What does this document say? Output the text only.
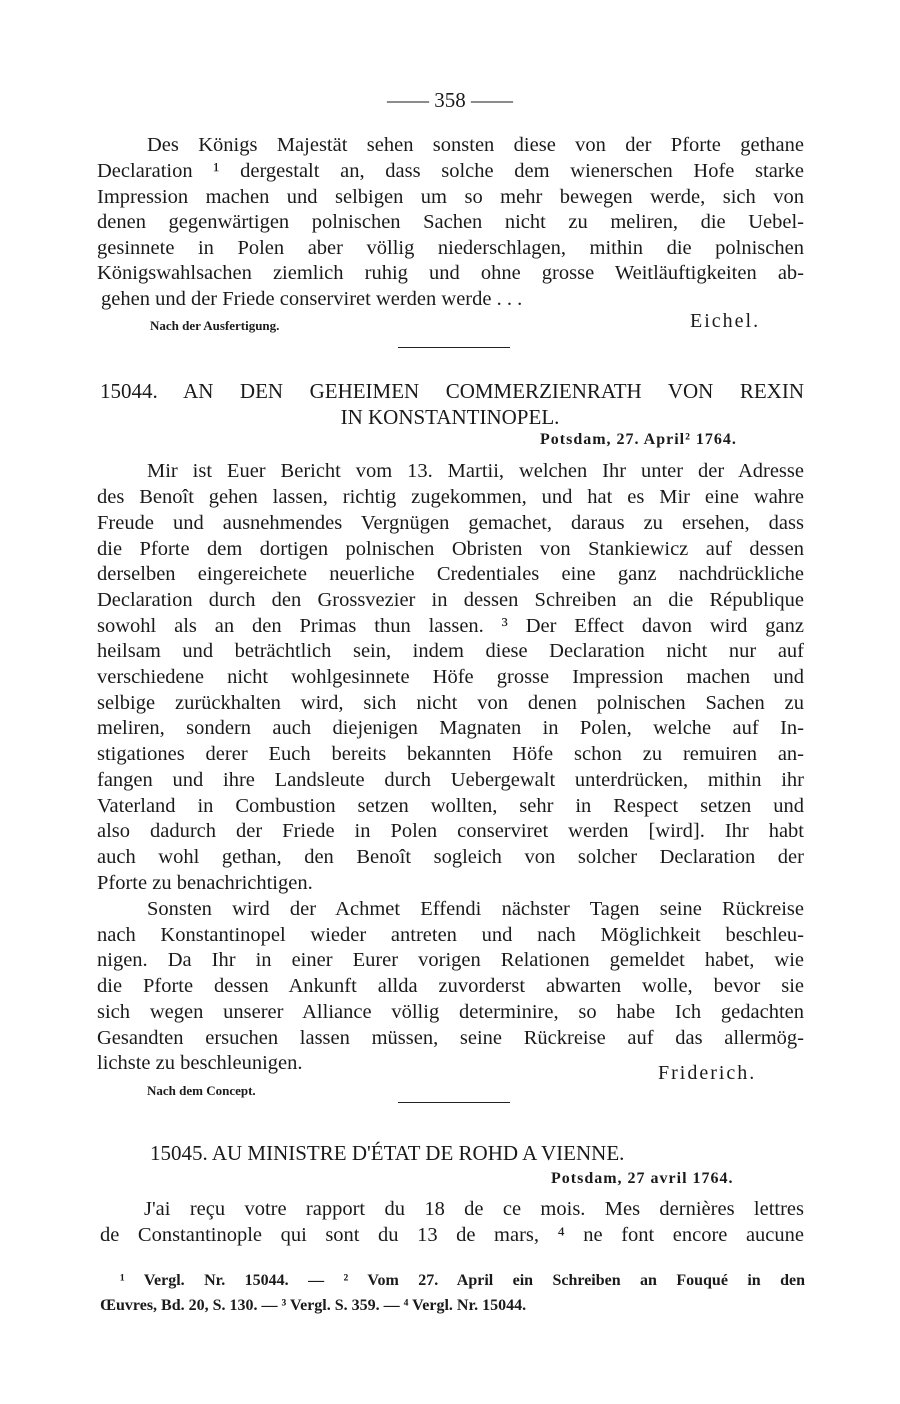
—— 358 ——
Des Königs Majestät sehen sonsten diese von der Pforte gethane
Declaration ¹ dergestalt an, dass solche dem wienerschen Hofe starke
Impression machen und selbigen um so mehr bewegen werde, sich von
denen gegenwärtigen polnischen Sachen nicht zu meliren, die Uebel-
gesinnete in Polen aber völlig niederschlagen, mithin die polnischen
Königswahlsachen ziemlich ruhig und ohne grosse Weitläuftigkeiten ab-
gehen und der Friede conserviret werden werde . . .
Nach der Ausfertigung.	Eichel.
15044. AN DEN GEHEIMEN COMMERZIENRATH VON REXIN
IN KONSTANTINOPEL.
Potsdam, 27. April² 1764.
Mir ist Euer Bericht vom 13. Martii, welchen Ihr unter der Adresse
des Benoît gehen lassen, richtig zugekommen, und hat es Mir eine wahre
Freude und ausnehmendes Vergnügen gemachet, daraus zu ersehen, dass
die Pforte dem dortigen polnischen Obristen von Stankiewicz auf dessen
derselben eingereichete neuerliche Credentiales eine ganz nachdrückliche
Declaration durch den Grossvezier in dessen Schreiben an die République
sowohl als an den Primas thun lassen. ³ Der Effect davon wird ganz
heilsam und beträchtlich sein, indem diese Declaration nicht nur auf
verschiedene nicht wohlgesinnete Höfe grosse Impression machen und
selbige zurückhalten wird, sich nicht von denen polnischen Sachen zu
meliren, sondern auch diejenigen Magnaten in Polen, welche auf In-
stigationes derer Euch bereits bekannten Höfe schon zu remuiren an-
fangen und ihre Landsleute durch Uebergewalt unterdrücken, mithin ihr
Vaterland in Combustion setzen wollten, sehr in Respect setzen und
also dadurch der Friede in Polen conserviret werden [wird]. Ihr habt
auch wohl gethan, den Benoît sogleich von solcher Declaration der
Pforte zu benachrichtigen.
Sonsten wird der Achmet Effendi nächster Tagen seine Rückreise
nach Konstantinopel wieder antreten und nach Möglichkeit beschleu-
nigen. Da Ihr in einer Eurer vorigen Relationen gemeldet habet, wie
die Pforte dessen Ankunft allda zuvorderst abwarten wolle, bevor sie
sich wegen unserer Alliance völlig determinire, so habe Ich gedachten
Gesandten ersuchen lassen müssen, seine Rückreise auf das allermög-
lichste zu beschleunigen.	Friderich.
Nach dem Concept.
15045. AU MINISTRE D'ÉTAT DE ROHD A VIENNE.
Potsdam, 27 avril 1764.
J'ai reçu votre rapport du 18 de ce mois. Mes dernières lettres
de Constantinople qui sont du 13 de mars, ⁴ ne font encore aucune
¹ Vergl. Nr. 15044. — ² Vom 27. April ein Schreiben an Fouqué in den
Œuvres, Bd. 20, S. 130. — ³ Vergl. S. 359. — ⁴ Vergl. Nr. 15044.
